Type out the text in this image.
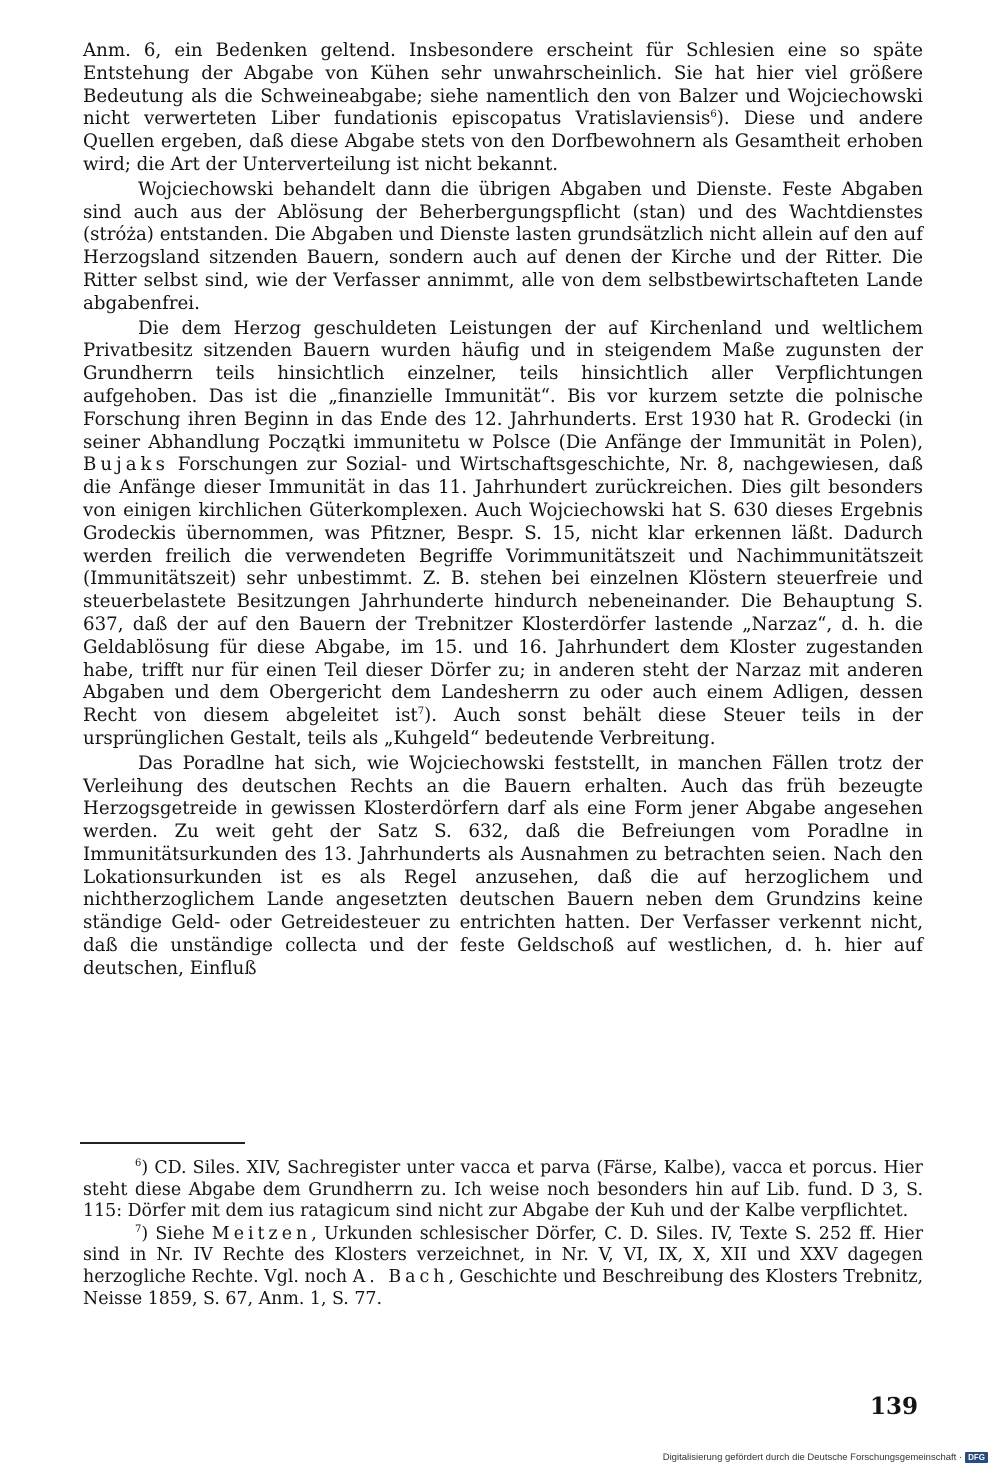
Anm. 6, ein Bedenken geltend. Insbesondere erscheint für Schlesien eine so späte Entstehung der Abgabe von Kühen sehr unwahrscheinlich. Sie hat hier viel größere Bedeutung als die Schweineabgabe; siehe namentlich den von Balzer und Wojciechowski nicht verwerteten Liber fundationis episcopatus Vratislaviensis$^6$). Diese und andere Quellen ergeben, daß diese Abgabe stets von den Dorfbewohnern als Gesamtheit erhoben wird; die Art der Unterverteilung ist nicht bekannt.

Wojciechowski behandelt dann die übrigen Abgaben und Dienste. Feste Abgaben sind auch aus der Ablösung der Beherbergungspflicht (stan) und des Wachtdienstes (stróża) entstanden. Die Abgaben und Dienste lasten grundsätzlich nicht allein auf den auf Herzogsland sitzenden Bauern, sondern auch auf denen der Kirche und der Ritter. Die Ritter selbst sind, wie der Verfasser annimmt, alle von dem selbstbewirtschafteten Lande abgabenfrei.

Die dem Herzog geschuldeten Leistungen der auf Kirchenland und weltlichem Privatbesitz sitzenden Bauern wurden häufig und in steigendem Maße zugunsten der Grundherrn teils hinsichtlich einzelner, teils hinsichtlich aller Verpflichtungen aufgehoben. Das ist die „finanzielle Immunität“. Bis vor kurzem setzte die polnische Forschung ihren Beginn in das Ende des 12. Jahrhunderts. Erst 1930 hat R. Grodecki (in seiner Abhandlung Początki immunitetu w Polsce (Die Anfänge der Immunität in Polen), Bujaks Forschungen zur Sozial- und Wirtschaftsgeschichte, Nr. 8, nachgewiesen, daß die Anfänge dieser Immunität in das 11. Jahrhundert zurückreichen. Dies gilt besonders von einigen kirchlichen Güterkomplexen. Auch Wojciechowski hat S. 630 dieses Ergebnis Grodeckis übernommen, was Pfitzner, Bespr. S. 15, nicht klar erkennen läßt. Dadurch werden freilich die verwendeten Begriffe Vorimmunitätszeit und Nachimmunitätszeit (Immunitätszeit) sehr unbestimmt. Z. B. stehen bei einzelnen Klöstern steuerfreie und steuerbelastete Besitzungen Jahrhunderte hindurch nebeneinander. Die Behauptung S. 637, daß der auf den Bauern der Trebnitzer Klosterdörfer lastende „Narzaz“, d. h. die Geldablösung für diese Abgabe, im 15. und 16. Jahrhundert dem Kloster zugestanden habe, trifft nur für einen Teil dieser Dörfer zu; in anderen steht der Narzaz mit anderen Abgaben und dem Obergericht dem Landesherrn zu oder auch einem Adligen, dessen Recht von diesem abgeleitet ist$^7$). Auch sonst behält diese Steuer teils in der ursprünglichen Gestalt, teils als „Kuhgeld“ bedeutende Verbreitung.

Das Poradlne hat sich, wie Wojciechowski feststellt, in manchen Fällen trotz der Verleihung des deutschen Rechts an die Bauern erhalten. Auch das früh bezeugte Herzogsgetreide in gewissen Klosterdörfern darf als eine Form jener Abgabe angesehen werden. Zu weit geht der Satz S. 632, daß die Befreiungen vom Poradlne in Immunitätsurkunden des 13. Jahrhunderts als Ausnahmen zu betrachten seien. Nach den Lokationsurkunden ist es als Regel anzusehen, daß die auf herzoglichem und nichtherzoglichem Lande angesetzten deutschen Bauern neben dem Grundzins keine ständige Geld- oder Getreidesteuer zu entrichten hatten. Der Verfasser verkennt nicht, daß die unständige collecta und der feste Geldschoß auf westlichen, d. h. hier auf deutschen, Einfluß

$^6$) CD. Siles. XIV, Sachregister unter vacca et parva (Färse, Kalbe), vacca et porcus. Hier steht diese Abgabe dem Grundherrn zu. Ich weise noch besonders hin auf Lib. fund. D 3, S. 115: Dörfer mit dem ius ratagicum sind nicht zur Abgabe der Kuh und der Kalbe verpflichtet.

$^7$) Siehe Meitzen, Urkunden schlesischer Dörfer, C. D. Siles. IV, Texte S. 252 ff. Hier sind in Nr. IV Rechte des Klosters verzeichnet, in Nr. V, VI, IX, X, XII und XXV dagegen herzogliche Rechte. Vgl. noch A. Bach, Geschichte und Beschreibung des Klosters Trebnitz, Neisse 1859, S. 67, Anm. 1, S. 77.

139
Digitalisierung gefördert durch die Deutsche Forschungsgemeinschaft · DFG
